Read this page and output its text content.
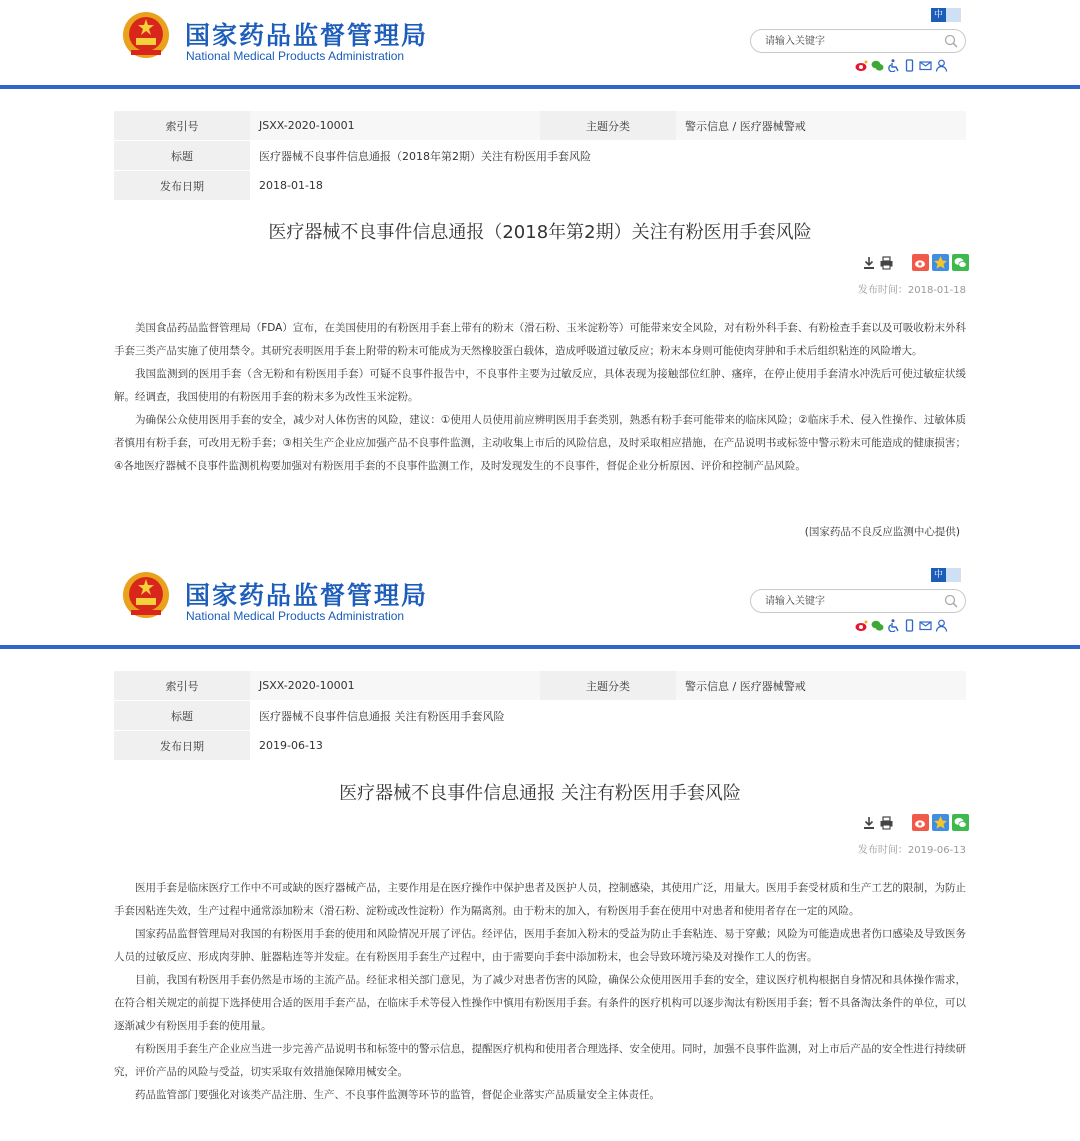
国家药品监督管理局
National Medical Products Administration
中
请输入关键字
索引号	JSXX-2020-10001	主题分类	警示信息 / 医疗器械警戒
标题	医疗器械不良事件信息通报（2018年第2期）关注有粉医用手套风险		
发布日期	2018-01-18		
医疗器械不良事件信息通报（2018年第2期）关注有粉医用手套风险
发布时间：2018-01-18

美国食品药品监督管理局（FDA）宣布，在美国使用的有粉医用手套上带有的粉末（滑石粉、玉米淀粉等）可能带来安全风险，对有粉外科手套、有粉检查手套以及可吸收粉末外科手套三类产品实施了使用禁令。其研究表明医用手套上附带的粉末可能成为天然橡胶蛋白载体，造成呼吸道过敏反应；粉末本身则可能使肉芽肿和手术后组织粘连的风险增大。

我国监测到的医用手套（含无粉和有粉医用手套）可疑不良事件报告中，不良事件主要为过敏反应，具体表现为接触部位红肿、瘙痒，在停止使用手套清水冲洗后可使过敏症状缓解。经调查，我国使用的有粉医用手套的粉末多为改性玉米淀粉。

为确保公众使用医用手套的安全，减少对人体伤害的风险，建议：①使用人员使用前应辨明医用手套类别，熟悉有粉手套可能带来的临床风险；②临床手术、侵入性操作、过敏体质者慎用有粉手套，可改用无粉手套；③相关生产企业应加强产品不良事件监测，主动收集上市后的风险信息，及时采取相应措施，在产品说明书或标签中警示粉末可能造成的健康损害；④各地医疗器械不良事件监测机构要加强对有粉医用手套的不良事件监测工作，及时发现发生的不良事件，督促企业分析原因、评价和控制产品风险。

(国家药品不良反应监测中心提供)
国家药品监督管理局
National Medical Products Administration
中
请输入关键字
索引号	JSXX-2020-10001	主题分类	警示信息 / 医疗器械警戒
标题	医疗器械不良事件信息通报 关注有粉医用手套风险		
发布日期	2019-06-13		
医疗器械不良事件信息通报 关注有粉医用手套风险
发布时间：2019-06-13

医用手套是临床医疗工作中不可或缺的医疗器械产品，主要作用是在医疗操作中保护患者及医护人员，控制感染，其使用广泛，用量大。医用手套受材质和生产工艺的限制，为防止手套因粘连失效，生产过程中通常添加粉末（滑石粉、淀粉或改性淀粉）作为隔离剂。由于粉末的加入，有粉医用手套在使用中对患者和使用者存在一定的风险。

国家药品监督管理局对我国的有粉医用手套的使用和风险情况开展了评估。经评估，医用手套加入粉末的受益为防止手套粘连、易于穿戴；风险为可能造成患者伤口感染及导致医务人员的过敏反应、形成肉芽肿、脏器粘连等并发症。在有粉医用手套生产过程中，由于需要向手套中添加粉末，也会导致环境污染及对操作工人的伤害。

目前，我国有粉医用手套仍然是市场的主流产品。经征求相关部门意见，为了减少对患者伤害的风险，确保公众使用医用手套的安全，建议医疗机构根据自身情况和具体操作需求，在符合相关规定的前提下选择使用合适的医用手套产品，在临床手术等侵入性操作中慎用有粉医用手套。有条件的医疗机构可以逐步淘汰有粉医用手套；暂不具备淘汰条件的单位，可以逐渐减少有粉医用手套的使用量。

有粉医用手套生产企业应当进一步完善产品说明书和标签中的警示信息，提醒医疗机构和使用者合理选择、安全使用。同时，加强不良事件监测，对上市后产品的安全性进行持续研究，评价产品的风险与受益，切实采取有效措施保障用械安全。

药品监管部门要强化对该类产品注册、生产、不良事件监测等环节的监管，督促企业落实产品质量安全主体责任。
